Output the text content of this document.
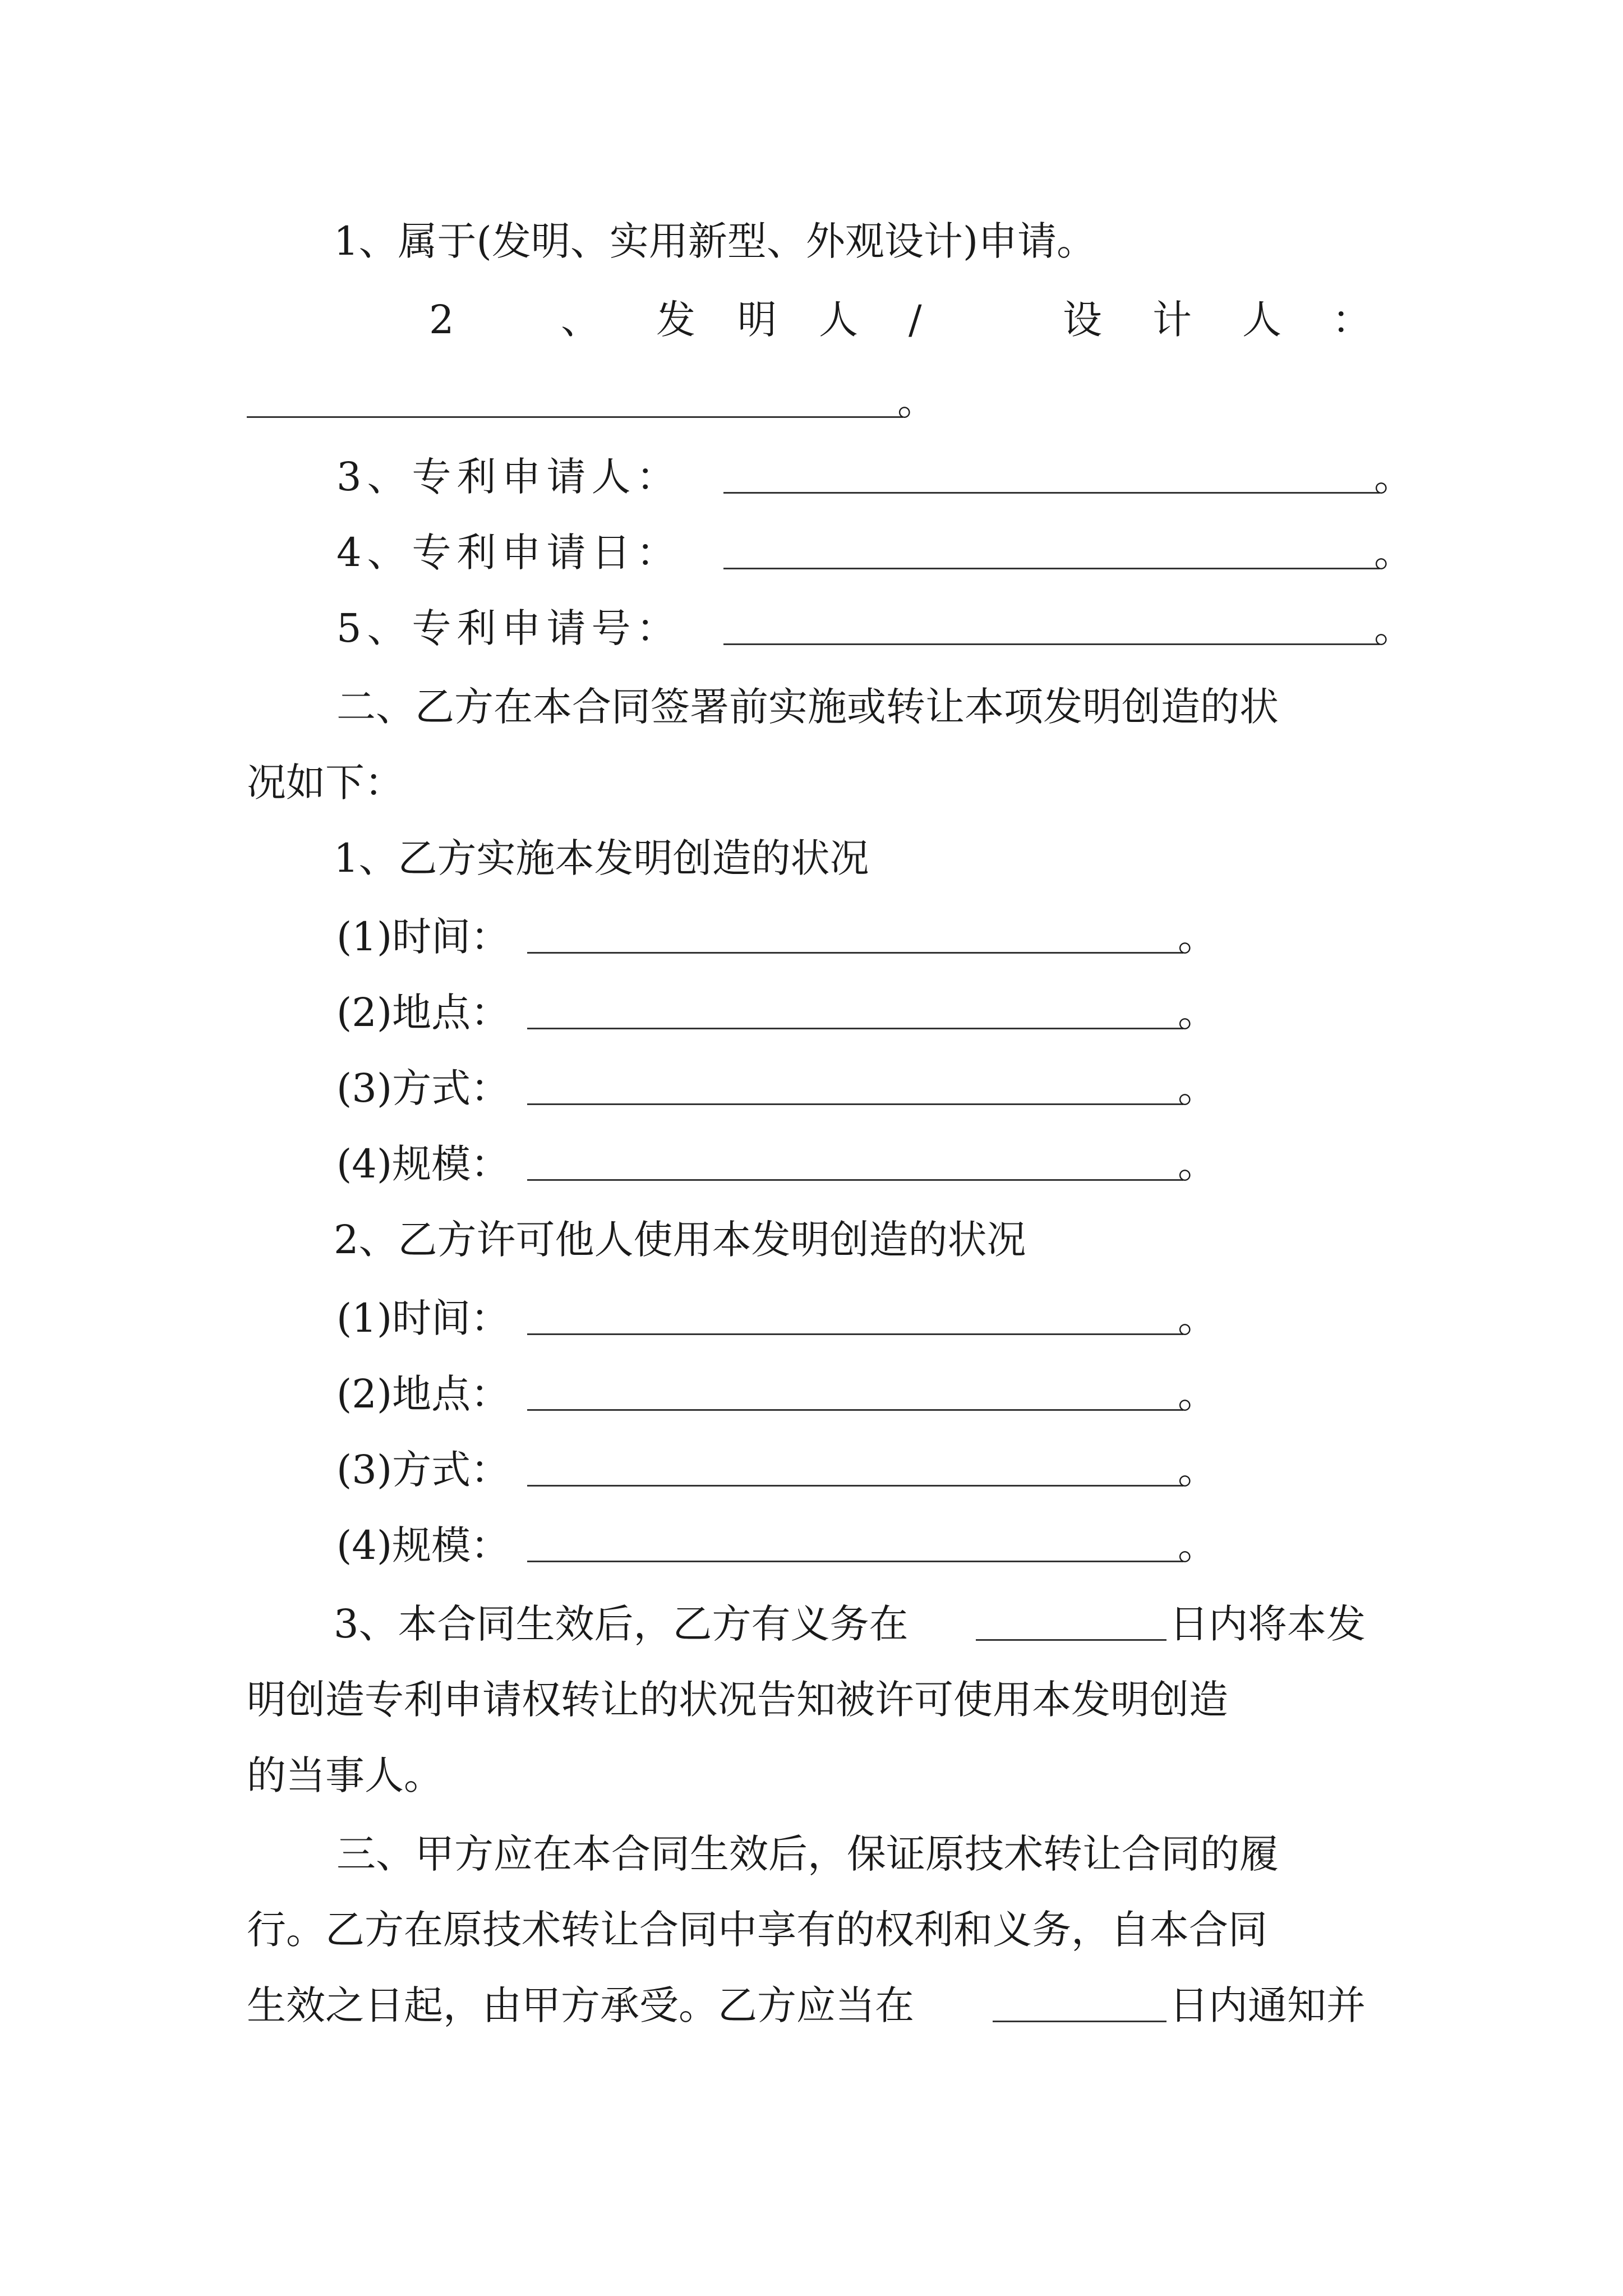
1、属于(发明、实用新型、外观设计)申请。
2	、 发 明 人 /	设 计 人 ：
。
3、专利申请人：	。
4、专利申请日：	。
5、专利申请号：	。
二、乙方在本合同签署前实施或转让本项发明创造的状
况如下：
1、乙方实施本发明创造的状况
(1)时间：	。
(2)地点：	。
(3)方式：	。
(4)规模：	。
2、乙方许可他人使用本发明创造的状况
(1)时间：	。
(2)地点：	。
(3)方式：	。
(4)规模：	。
3、本合同生效后，乙方有义务在	日内将本发
明创造专利申请权转让的状况告知被许可使用本发明创造
的当事人。
三、甲方应在本合同生效后，保证原技术转让合同的履
行。乙方在原技术转让合同中享有的权利和义务，自本合同
生效之日起，由甲方承受。乙方应当在	日内通知并
